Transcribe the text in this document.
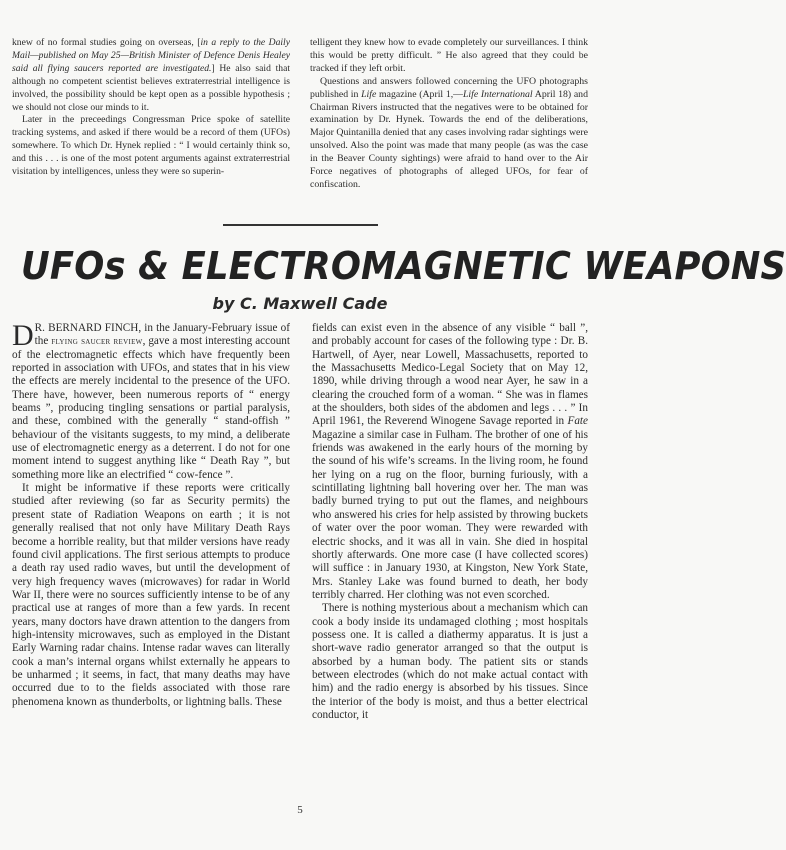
knew of no formal studies going on overseas, [in a reply to the Daily Mail—published on May 25—British Minister of Defence Denis Healey said all flying saucers reported are investigated.] He also said that although no competent scientist believes extraterrestrial intelligence is involved, the possibility should be kept open as a possible hypothesis ; we should not close our minds to it.

Later in the preceedings Congressman Price spoke of satellite tracking systems, and asked if there would be a record of them (UFOs) somewhere. To which Dr. Hynek replied : “ I would certainly think so, and this . . . is one of the most potent arguments against extraterrestrial visitation by intelligences, unless they were so superin-

telligent they knew how to evade completely our surveillances. I think this would be pretty difficult. ” He also agreed that they could be tracked if they left orbit.

Questions and answers followed concerning the UFO photographs published in Life magazine (April 1,—Life International April 18) and Chairman Rivers instructed that the negatives were to be obtained for examination by Dr. Hynek. Towards the end of the deliberations, Major Quintanilla denied that any cases involving radar sightings were unsolved. Also the point was made that many people (as was the case in the Beaver County sightings) were afraid to hand over to the Air Force negatives of photographs of alleged UFOs, for fear of confiscation.

UFOs & ELECTROMAGNETIC WEAPONS
by C. Maxwell Cade

D R. BERNARD FINCH, in the January-February issue of the flying saucer review, gave a most interesting account of the electromagnetic effects which have frequently been reported in association with UFOs, and states that in his view the effects are merely incidental to the presence of the UFO. There have, however, been numerous reports of “ energy beams ”, producing tingling sensations or partial paralysis, and these, combined with the generally “ stand-offish ” behaviour of the visitants suggests, to my mind, a deliberate use of electromagnetic energy as a deterrent. I do not for one moment intend to suggest anything like “ Death Ray ”, but something more like an electrified “ cow-fence ”.

It might be informative if these reports were critically studied after reviewing (so far as Security permits) the present state of Radiation Weapons on earth ; it is not generally realised that not only have Military Death Rays become a horrible reality, but that milder versions have ready found civil applications. The first serious attempts to produce a death ray used radio waves, but until the development of very high frequency waves (microwaves) for radar in World War II, there were no sources sufficiently intense to be of any practical use at ranges of more than a few yards. In recent years, many doctors have drawn attention to the dangers from high-intensity microwaves, such as employed in the Distant Early Warning radar chains. Intense radar waves can literally cook a man’s internal organs whilst externally he appears to be unharmed ; it seems, in fact, that many deaths may have occurred due to to the fields associated with those rare phenomena known as thunderbolts, or lightning balls. These

fields can exist even in the absence of any visible “ ball ”, and probably account for cases of the following type : Dr. B. Hartwell, of Ayer, near Lowell, Massachusetts, reported to the Massachusetts Medico-Legal Society that on May 12, 1890, while driving through a wood near Ayer, he saw in a clearing the crouched form of a woman. “ She was in flames at the shoulders, both sides of the abdomen and legs . . . ” In April 1961, the Reverend Winogene Savage reported in Fate Magazine a similar case in Fulham. The brother of one of his friends was awakened in the early hours of the morning by the sound of his wife’s screams. In the living room, he found her lying on a rug on the floor, burning furiously, with a scintillating lightning ball hovering over her. The man was badly burned trying to put out the flames, and neighbours who answered his cries for help assisted by throwing buckets of water over the poor woman. They were rewarded with electric shocks, and it was all in vain. She died in hospital shortly afterwards. One more case (I have collected scores) will suffice : in January 1930, at Kingston, New York State, Mrs. Stanley Lake was found burned to death, her body terribly charred. Her clothing was not even scorched.

There is nothing mysterious about a mechanism which can cook a body inside its undamaged clothing ; most hospitals possess one. It is called a diathermy apparatus. It is just a short-wave radio generator arranged so that the output is absorbed by a human body. The patient sits or stands between electrodes (which do not make actual contact with him) and the radio energy is absorbed by his tissues. Since the interior of the body is moist, and thus a better electrical conductor, it

5
